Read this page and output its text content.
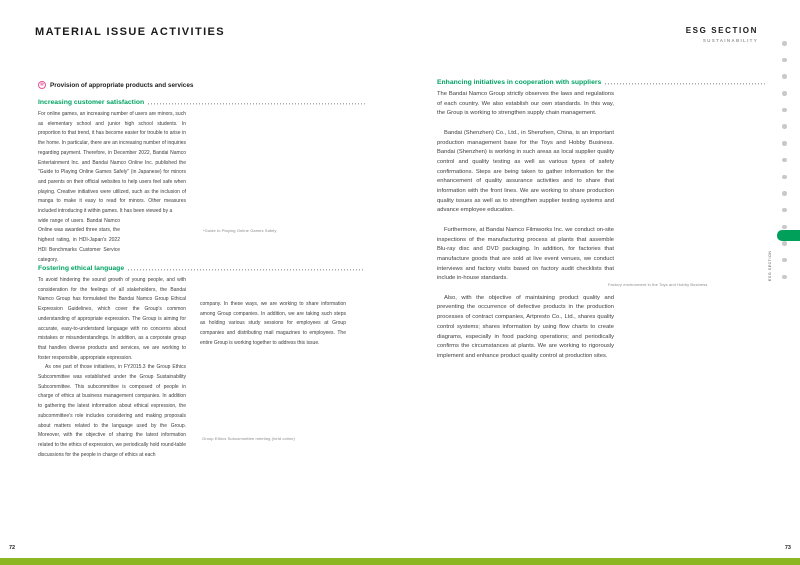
MATERIAL ISSUE ACTIVITIES	ESG SECTION
SUSTAINABILITY
✻ Provision of appropriate products and services
Increasing customer satisfaction

For online games, an increasing number of users are minors, such as elementary school and junior high school students. In proportion to that trend, it has become easier for trouble to arise in the home. In particular, there are an increasing number of inquiries regarding payment. Therefore, in December 2022, Bandai Namco Entertainment Inc. and Bandai Namco Online Inc. published the "Guide to Playing Online Games Safely" (in Japanese) for minors and parents on their official websites to help users feel safe when playing. Creative initiatives were utilized, such as the inclusion of manga to make it easy to read for minors. Other measures included introducing it within games. It has been viewed by a

wide range of users. Bandai Namco Online was awarded three stars, the highest rating, in HDI-Japan's 2022 HDI Benchmarks Customer Service category.

*Guide to Playing Online Games Safely
Fostering ethical language

To avoid hindering the sound growth of young people, and with consideration for the feelings of all stakeholders, the Bandai Namco Group has formulated the Bandai Namco Group Ethical Expression Guidelines, which cover the Group's common understanding of appropriate expression. The Group is aiming for accurate, easy-to-understand language with no concerns about mistakes or misunderstandings. In addition, as a corporate group that handles diverse products and services, we are working to foster responsible, appropriate expression.

As one part of those initiatives, in FY2015.3 the Group Ethics Subcommittee was established under the Group Sustainability Subcommittee. This subcommittee is composed of people in charge of ethics at business management companies. In addition to gathering the latest information about ethical expression, the subcommittee's role includes considering and making proposals about matters related to the language used by the Group. Moreover, with the objective of sharing the latest information related to the ethics of expression, we periodically hold round-table discussions for the people in charge of ethics at each

company. In these ways, we are working to share information among Group companies. In addition, we are taking such steps as holding various study sessions for employees at Group companies and distributing mail magazines to employees. The entire Group is working together to address this issue.

Group Ethics Subcommittee meeting (held online)
Enhancing initiatives in cooperation with suppliers

The Bandai Namco Group strictly observes the laws and regulations of each country. We also establish our own standards. In this way, the Group is working to strengthen supply chain management.

Bandai (Shenzhen) Co., Ltd., in Shenzhen, China, is an important production management base for the Toys and Hobby Business. Bandai (Shenzhen) is working in such areas as local supplier quality control and quality testing as well as various types of safety confirmations. Steps are being taken to gather information for the enhancement of quality assurance activities and to share that information with the front lines. We are working to share production quality issues as well as to strengthen supplier testing systems and advance employee education.

Furthermore, at Bandai Namco Filmworks Inc. we conduct on-site inspections of the manufacturing process at plants that assemble Blu-ray disc and DVD packaging. In addition, for factories that manufacture goods that are sold at live event venues, we conduct interviews and factory visits based on factory audit checklists that include in-house standards.

Also, with the objective of maintaining product quality and preventing the occurrence of defective products in the production processes of contract companies, Artpresto Co., Ltd., shares quality control systems; shares information by using flow charts to create diagrams, especially in food packing operations; and periodically confirms the circumstances at plants. We are working to rigorously implement and enhance product quality control at production sites.

Factory environment in the Toys and Hobby Business
ESG SECTION
72	73
